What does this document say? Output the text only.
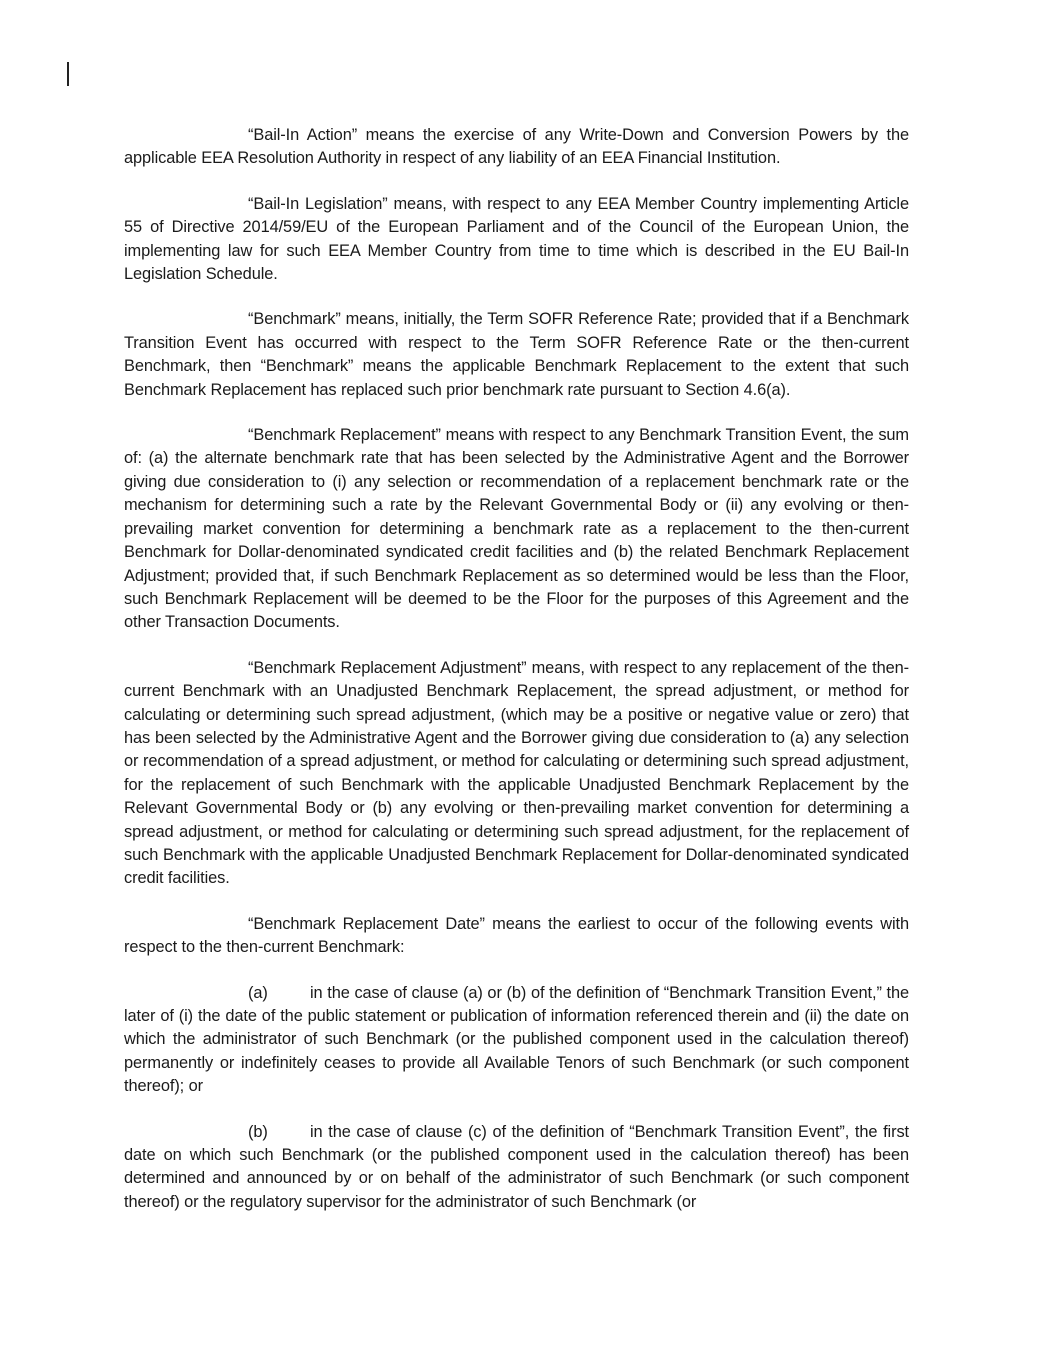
“Bail-In Action” means the exercise of any Write-Down and Conversion Powers by the applicable EEA Resolution Authority in respect of any liability of an EEA Financial Institution.

“Bail-In Legislation” means, with respect to any EEA Member Country implementing Article 55 of Directive 2014/59/EU of the European Parliament and of the Council of the European Union, the implementing law for such EEA Member Country from time to time which is described in the EU Bail-In Legislation Schedule.

“Benchmark” means, initially, the Term SOFR Reference Rate; provided that if a Benchmark Transition Event has occurred with respect to the Term SOFR Reference Rate or the then-current Benchmark, then “Benchmark” means the applicable Benchmark Replacement to the extent that such Benchmark Replacement has replaced such prior benchmark rate pursuant to Section 4.6(a).

“Benchmark Replacement” means with respect to any Benchmark Transition Event, the sum of: (a) the alternate benchmark rate that has been selected by the Administrative Agent and the Borrower giving due consideration to (i) any selection or recommendation of a replacement benchmark rate or the mechanism for determining such a rate by the Relevant Governmental Body or (ii) any evolving or then-prevailing market convention for determining a benchmark rate as a replacement to the then-current Benchmark for Dollar-denominated syndicated credit facilities and (b) the related Benchmark Replacement Adjustment; provided that, if such Benchmark Replacement as so determined would be less than the Floor, such Benchmark Replacement will be deemed to be the Floor for the purposes of this Agreement and the other Transaction Documents.

“Benchmark Replacement Adjustment” means, with respect to any replacement of the then-current Benchmark with an Unadjusted Benchmark Replacement, the spread adjustment, or method for calculating or determining such spread adjustment, (which may be a positive or negative value or zero) that has been selected by the Administrative Agent and the Borrower giving due consideration to (a) any selection or recommendation of a spread adjustment, or method for calculating or determining such spread adjustment, for the replacement of such Benchmark with the applicable Unadjusted Benchmark Replacement by the Relevant Governmental Body or (b) any evolving or then-prevailing market convention for determining a spread adjustment, or method for calculating or determining such spread adjustment, for the replacement of such Benchmark with the applicable Unadjusted Benchmark Replacement for Dollar-denominated syndicated credit facilities.

“Benchmark Replacement Date” means the earliest to occur of the following events with respect to the then-current Benchmark:

(a)	in the case of clause (a) or (b) of the definition of “Benchmark Transition Event,” the later of (i) the date of the public statement or publication of information referenced therein and (ii) the date on which the administrator of such Benchmark (or the published component used in the calculation thereof) permanently or indefinitely ceases to provide all Available Tenors of such Benchmark (or such component thereof); or

(b)	in the case of clause (c) of the definition of “Benchmark Transition Event”, the first date on which such Benchmark (or the published component used in the calculation thereof) has been determined and announced by or on behalf of the administrator of such Benchmark (or such component thereof) or the regulatory supervisor for the administrator of such Benchmark (or
